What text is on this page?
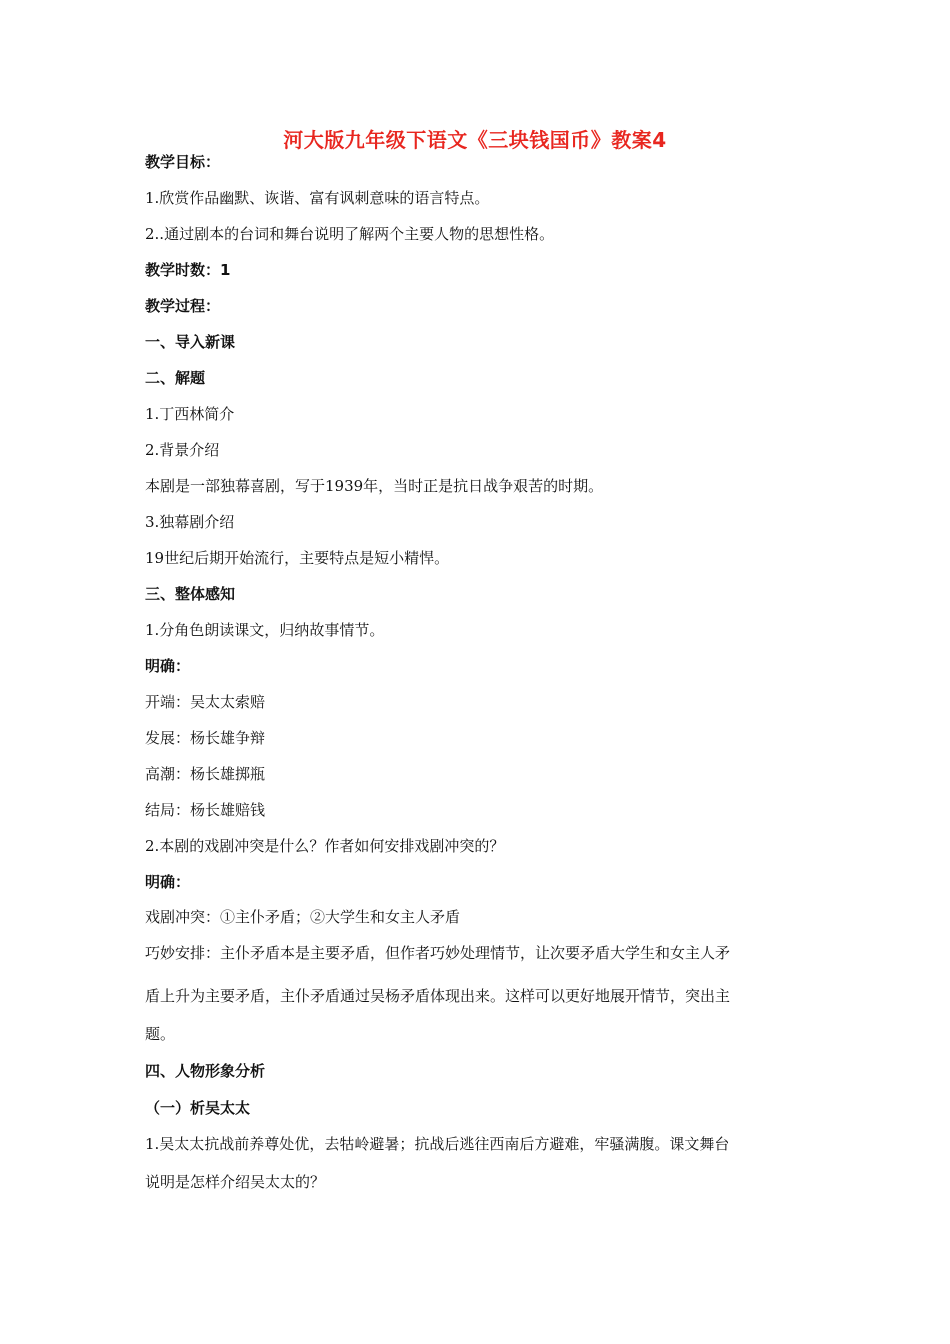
河大版九年级下语文《三块钱国币》教案4
教学目标：
1.欣赏作品幽默、诙谐、富有讽刺意味的语言特点。
2..通过剧本的台词和舞台说明了解两个主要人物的思想性格。
教学时数：1
教学过程：
一、导入新课
二、解题
1.丁西林简介
2.背景介绍
本剧是一部独幕喜剧，写于1939年，当时正是抗日战争艰苦的时期。
3.独幕剧介绍
19世纪后期开始流行，主要特点是短小精悍。
三、整体感知
1.分角色朗读课文，归纳故事情节。
明确：
开端：吴太太索赔
发展：杨长雄争辩
高潮：杨长雄掷瓶
结局：杨长雄赔钱
2.本剧的戏剧冲突是什么？作者如何安排戏剧冲突的？
明确：
戏剧冲突：①主仆矛盾；②大学生和女主人矛盾
巧妙安排：主仆矛盾本是主要矛盾，但作者巧妙处理情节，让次要矛盾大学生和女主人矛
盾上升为主要矛盾，主仆矛盾通过吴杨矛盾体现出来。这样可以更好地展开情节，突出主
题。
四、人物形象分析
（一）析吴太太
1.吴太太抗战前养尊处优，去牯岭避暑；抗战后逃往西南后方避难，牢骚满腹。课文舞台
说明是怎样介绍吴太太的？
